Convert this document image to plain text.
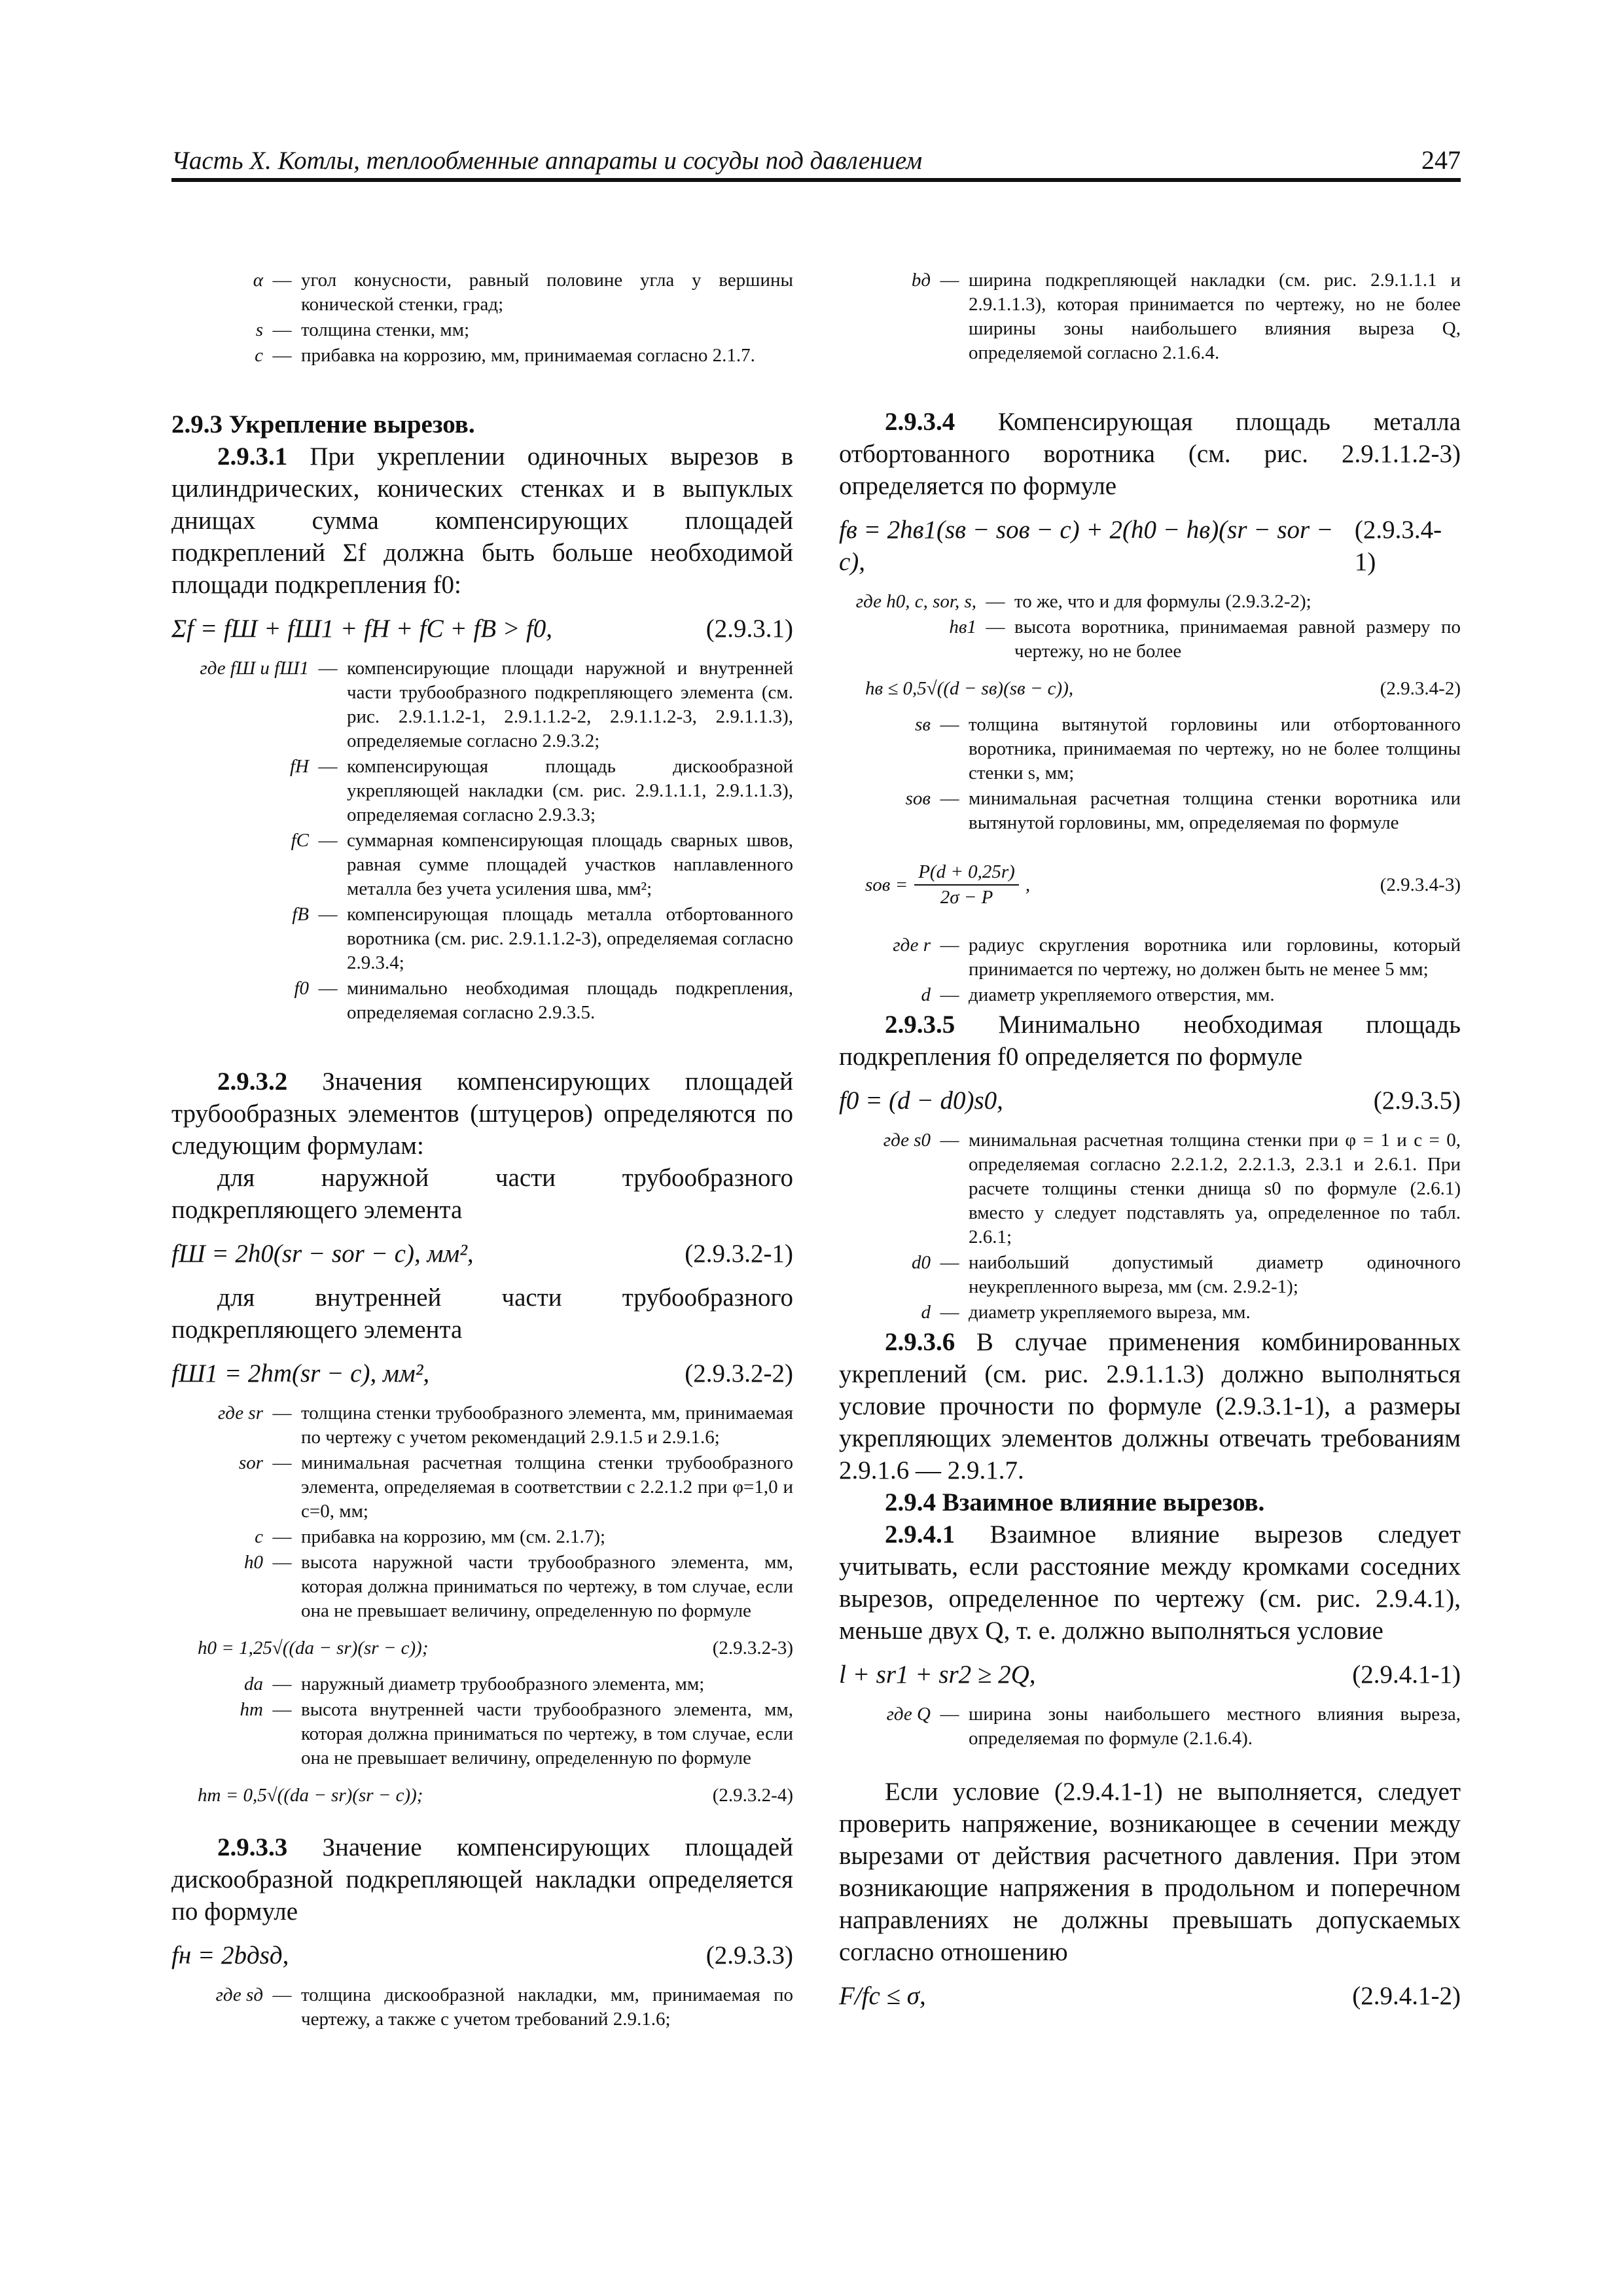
Часть X. Котлы, теплообменные аппараты и сосуды под давлением	247
α — угол конусности, равный половине угла у вершины конической стенки, град;
s — толщина стенки, мм;
c — прибавка на коррозию, мм, принимаемая согласно 2.1.7.
2.9.3 Укрепление вырезов.

2.9.3.1 При укреплении одиночных вырезов в цилиндрических, конических стенках и в выпуклых днищах сумма компенсирующих площадей подкреплений Σf должна быть больше необходимой площади подкрепления f0:

Σf = fШ + fШ1 + fН + fС + fВ > f0,	(2.9.3.1)
где fШ и fШ1 — компенсирующие площади наружной и внутренней части трубообразного подкрепляющего элемента (см. рис. 2.9.1.1.2-1, 2.9.1.1.2-2, 2.9.1.1.2-3, 2.9.1.1.3), определяемые согласно 2.9.3.2;
fН — компенсирующая площадь дискообразной укрепляющей накладки (см. рис. 2.9.1.1.1, 2.9.1.1.3), определяемая согласно 2.9.3.3;
fС — суммарная компенсирующая площадь сварных швов, равная сумме площадей участков наплавленного металла без учета усиления шва, мм²;
fВ — компенсирующая площадь металла отбортованного воротника (см. рис. 2.9.1.1.2-3), определяемая согласно 2.9.3.4;
f0 — минимально необходимая площадь подкрепления, определяемая согласно 2.9.3.5.

2.9.3.2 Значения компенсирующих площадей трубообразных элементов (штуцеров) определяются по следующим формулам:

для наружной части трубообразного подкрепляющего элемента

fШ = 2h0(sr − sor − c), мм²,	(2.9.3.2-1)

для внутренней части трубообразного подкрепляющего элемента

fШ1 = 2hm(sr − c), мм²,	(2.9.3.2-2)
где sr — толщина стенки трубообразного элемента, мм, принимаемая по чертежу с учетом рекомендаций 2.9.1.5 и 2.9.1.6;
sor — минимальная расчетная толщина стенки трубообразного элемента, определяемая в соответствии с 2.2.1.2 при φ=1,0 и c=0, мм;
c — прибавка на коррозию, мм (см. 2.1.7);
h0 — высота наружной части трубообразного элемента, мм, которая должна приниматься по чертежу, в том случае, если она не превышает величину, определенную по формуле
h0 = 1,25√((da − sr)(sr − c));	(2.9.3.2-3)
da — наружный диаметр трубообразного элемента, мм;
hm — высота внутренней части трубообразного элемента, мм, которая должна приниматься по чертежу, в том случае, если она не превышает величину, определенную по формуле
hm = 0,5√((da − sr)(sr − c));	(2.9.3.2-4)

2.9.3.3 Значение компенсирующих площадей дискообразной подкрепляющей накладки определяется по формуле

fн = 2bдsд,	(2.9.3.3)
где sд — толщина дискообразной накладки, мм, принимаемая по чертежу, а также с учетом требований 2.9.1.6;
bд — ширина подкрепляющей накладки (см. рис. 2.9.1.1.1 и 2.9.1.1.3), которая принимается по чертежу, но не более ширины зоны наибольшего влияния выреза Q, определяемой согласно 2.1.6.4.

2.9.3.4 Компенсирующая площадь металла отбортованного воротника (см. рис. 2.9.1.1.2-3) определяется по формуле

fв = 2hв1(sв − sов − c) + 2(h0 − hв)(sr − sor − c),
(2.9.3.4-1)
где h0, c, sor, s, — то же, что и для формулы (2.9.3.2-2);
hв1 — высота воротника, принимаемая равной размеру по чертежу, но не более
hв ≤ 0,5√((d − sв)(sв − c)),	(2.9.3.4-2)
sв — толщина вытянутой горловины или отбортованного воротника, принимаемая по чертежу, но не более толщины стенки s, мм;
sов — минимальная расчетная толщина стенки воротника или вытянутой горловины, мм, определяемая по формуле
sов = $\frac{P(d + 0,25r)}{2\sigma - P}$ ,	(2.9.3.4-3)
где r — радиус скругления воротника или горловины, который принимается по чертежу, но должен быть не менее 5 мм;
d — диаметр укрепляемого отверстия, мм.

2.9.3.5 Минимально необходимая площадь подкрепления f0 определяется по формуле

f0 = (d − d0)s0,	(2.9.3.5)
где s0 — минимальная расчетная толщина стенки при φ = 1 и c = 0, определяемая согласно 2.2.1.2, 2.2.1.3, 2.3.1 и 2.6.1. При расчете толщины стенки днища s0 по формуле (2.6.1) вместо y следует подставлять ya, определенное по табл. 2.6.1;
d0 — наибольший допустимый диаметр одиночного неукрепленного выреза, мм (см. 2.9.2-1);
d — диаметр укрепляемого выреза, мм.

2.9.3.6 В случае применения комбинированных укреплений (см. рис. 2.9.1.1.3) должно выполняться условие прочности по формуле (2.9.3.1-1), а размеры укрепляющих элементов должны отвечать требованиям 2.9.1.6 — 2.9.1.7.

2.9.4 Взаимное влияние вырезов.

2.9.4.1 Взаимное влияние вырезов следует учитывать, если расстояние между кромками соседних вырезов, определенное по чертежу (см. рис. 2.9.4.1), меньше двух Q, т. е. должно выполняться условие

l + sr1 + sr2 ≥ 2Q,	(2.9.4.1-1)
где Q — ширина зоны наибольшего местного влияния выреза, определяемая по формуле (2.1.6.4).

Если условие (2.9.4.1-1) не выполняется, следует проверить напряжение, возникающее в сечении между вырезами от действия расчетного давления. При этом возникающие напряжения в продольном и поперечном направлениях не должны превышать допускаемых согласно отношению

F/fc ≤ σ,	(2.9.4.1-2)
